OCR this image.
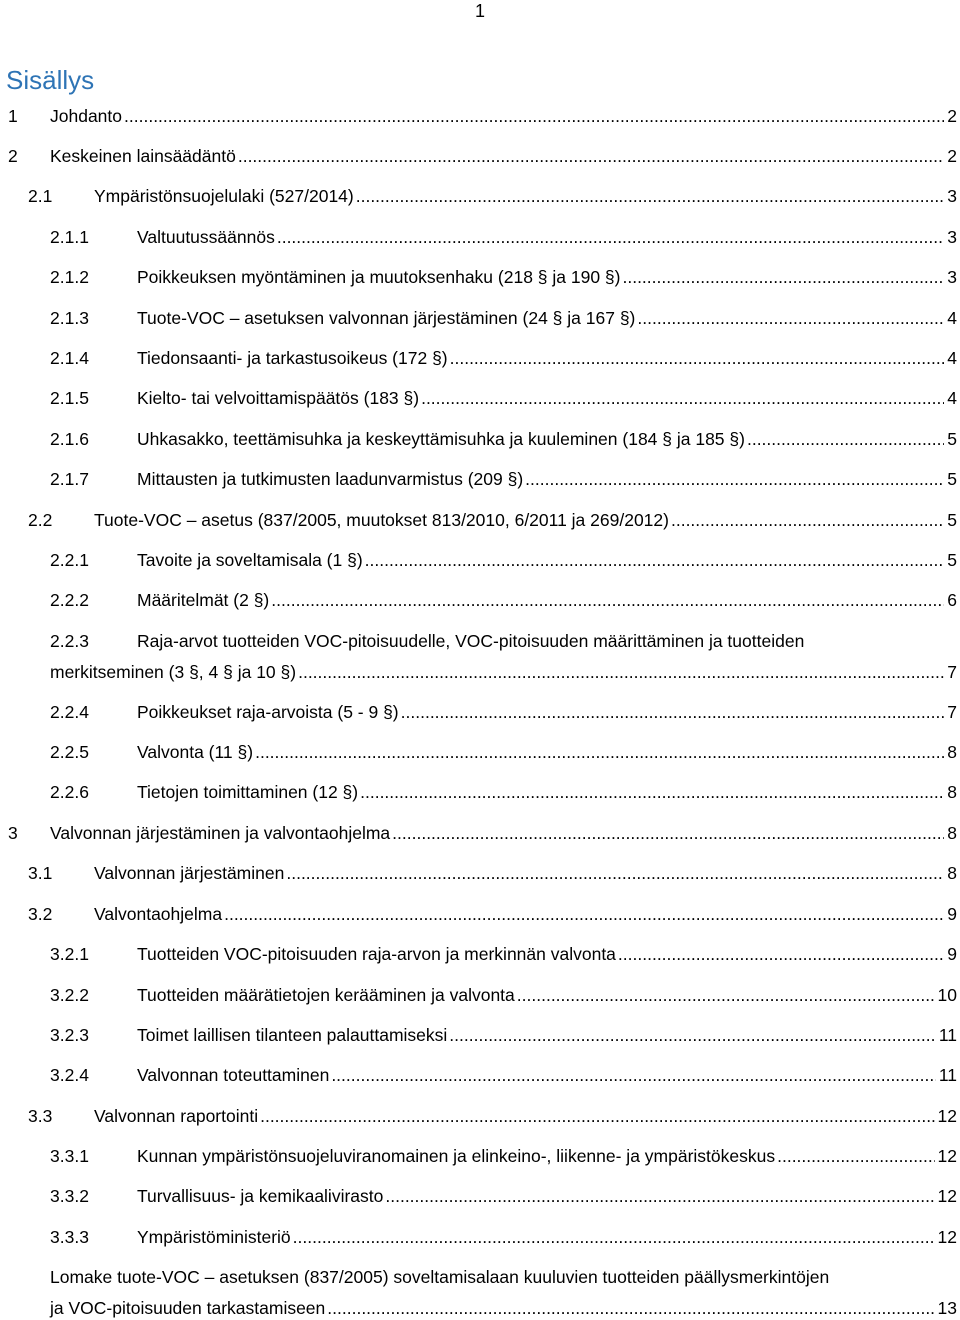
1
Sisällys
1 Johdanto .....	2
2 Keskeinen lainsäädäntö .....	2
2.1 Ympäristönsuojelulaki (527/2014) .....	3
2.1.1	Valtuutussäännös .....	3
2.1.2	Poikkeuksen myöntäminen ja muutoksenhaku (218 § ja 190 §) .....	3
2.1.3	Tuote-VOC – asetuksen valvonnan järjestäminen (24 § ja 167 §) .....	4
2.1.4	Tiedonsaanti- ja tarkastusoikeus (172 §) .....	4
2.1.5	Kielto- tai velvoittamispäätös (183 §) .....	4
2.1.6	Uhkasakko, teettämisuhka ja keskeyttämisuhka ja kuuleminen (184 § ja 185 §) .....	5
2.1.7	Mittausten ja tutkimusten laadunvarmistus (209 §) .....	5
2.2 Tuote-VOC – asetus (837/2005, muutokset 813/2010, 6/2011 ja 269/2012) .....	5
2.2.1	Tavoite ja soveltamisala (1 §) .....	5
2.2.2	Määritelmät (2 §) .....	6
2.2.3	Raja-arvot tuotteiden VOC-pitoisuudelle, VOC-pitoisuuden määrittäminen ja tuotteiden
merkitseminen (3 §, 4 § ja 10 §) .....	7
2.2.4	Poikkeukset raja-arvoista (5 - 9 §) .....	7
2.2.5	Valvonta (11 §) .....	8
2.2.6	Tietojen toimittaminen (12 §) .....	8
3 Valvonnan järjestäminen ja valvontaohjelma .....	8
3.1 Valvonnan järjestäminen .....	8
3.2 Valvontaohjelma .....	9
3.2.1	Tuotteiden VOC-pitoisuuden raja-arvon ja merkinnän valvonta .....	9
3.2.2	Tuotteiden määrätietojen kerääminen ja valvonta .....	10
3.2.3	Toimet laillisen tilanteen palauttamiseksi .....	11
3.2.4	Valvonnan toteuttaminen .....	11
3.3 Valvonnan raportointi .....	12
3.3.1	Kunnan ympäristönsuojeluviranomainen ja elinkeino-, liikenne- ja ympäristökeskus .....	12
3.3.2	Turvallisuus- ja kemikaalivirasto .....	12
3.3.3	Ympäristöministeriö .....	12
Lomake tuote-VOC – asetuksen (837/2005) soveltamisalaan kuuluvien tuotteiden päällysmerkintöjen
ja VOC-pitoisuuden tarkastamiseen .....	13
